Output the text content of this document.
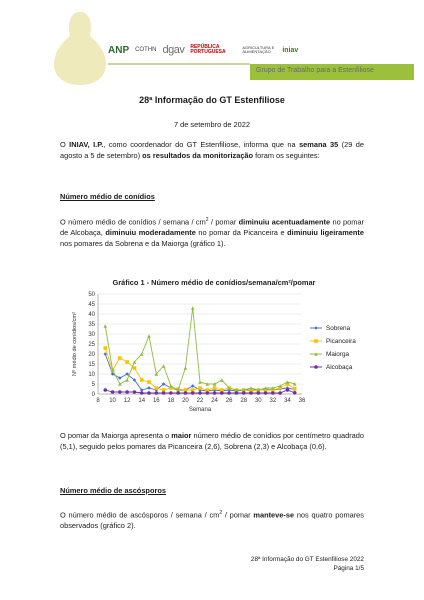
ANP COTHN dgav REPÚBLICA PORTUGUESA
AGRICULTURA E ALIMENTAÇÃO	iniav
Grupo de Trabalho para a Estenfiliose
28ª Informação do GT Estenfiliose
7 de setembro de 2022

O INIAV, I.P., como coordenador do GT Estenfiliose, informa que na semana 35 (29 de agosto a 5 de setembro) os resultados da monitorização foram os seguintes:

Número médio de conídios

O número médio de conídios / semana / $cm^2$ / pomar diminuiu acentuadamente no pomar de Alcobaça, diminuiu moderadamente no pomar da Picanceira e diminuiu ligeiramente nos pomares da Sobrena e da Maiorga (gráfico 1).

Gráfico 1 - Número médio de conídios/semana/cm²/pomar
0
5
10
15
20
25
30
35
40
45
50
8 10 12 14 16 18 20 22 24 26 28 30 32 34 36
Semana
Nº médio de conídios/cm²	Sobrena
Picanceira
Maiorga
Alcobaça

O pomar da Maiorga apresenta o maior número médio de conídios por centímetro quadrado (5,1), seguido pelos pomares da Picanceira (2,6), Sobrena (2,3) e Alcobaça (0,6).

Número médio de ascósporos

O número médio de ascósporos / semana / $cm^2$ / pomar manteve-se nos quatro pomares observados (gráfico 2).

28ª Informação do GT Estenfiliose 2022
Página 1/5
